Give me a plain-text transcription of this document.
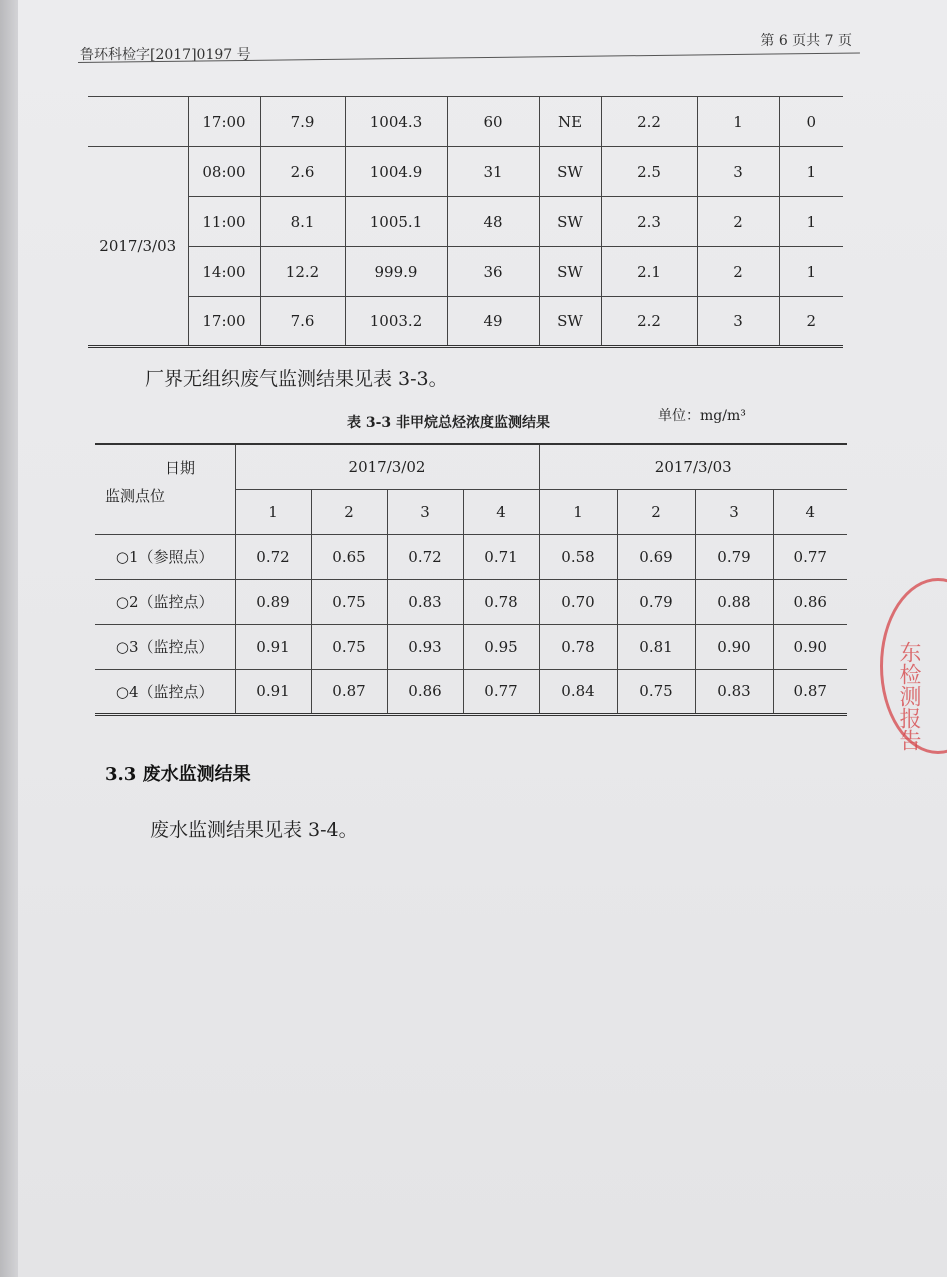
鲁环科检字[2017]0197 号
第 6 页共 7 页
	17:00	7.9	1004.3	60	NE	2.2	1	0
2017/3/03	08:00	2.6	1004.9	31	SW	2.5	3	1
	11:00	8.1	1005.1	48	SW	2.3	2	1
	14:00	12.2	999.9	36	SW	2.1	2	1
	17:00	7.6	1003.2	49	SW	2.2	3	2
厂界无组织废气监测结果见表 3-3。
表 3-3 非甲烷总烃浓度监测结果	单位：mg/m³
日期
监测点位	2017/3/02				2017/3/03			
	1	2	3	4	1	2	3	4
○1（参照点）	0.72	0.65	0.72	0.71	0.58	0.69	0.79	0.77
○2（监控点）	0.89	0.75	0.83	0.78	0.70	0.79	0.88	0.86
○3（监控点）	0.91	0.75	0.93	0.95	0.78	0.81	0.90	0.90
○4（监控点）	0.91	0.87	0.86	0.77	0.84	0.75	0.83	0.87
3.3 废水监测结果
废水监测结果见表 3-4。
东检测报告
